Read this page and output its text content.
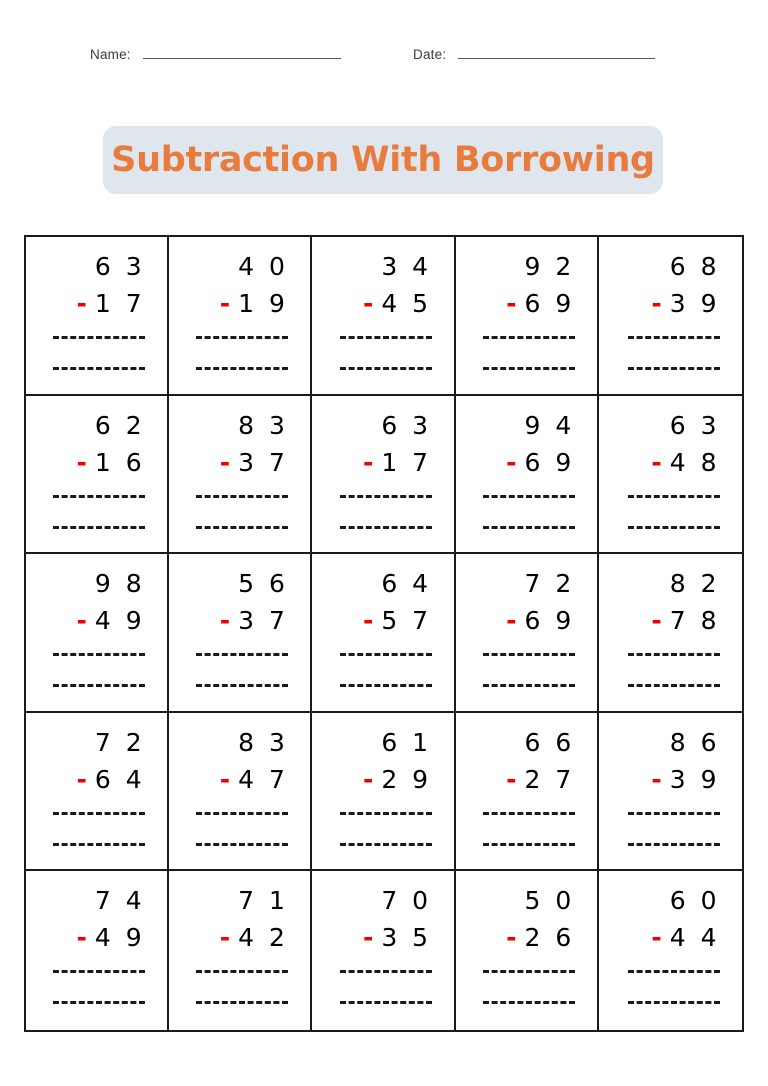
Name:	Date:
Subtraction With Borrowing
6 3
- 1 7
4 0
- 1 9
3 4
- 4 5
9 2
- 6 9
6 8
- 3 9
6 2
- 1 6
8 3
- 3 7
6 3
- 1 7
9 4
- 6 9
6 3
- 4 8
9 8
- 4 9
5 6
- 3 7
6 4
- 5 7
7 2
- 6 9
8 2
- 7 8
7 2
- 6 4
8 3
- 4 7
6 1
- 2 9
6 6
- 2 7
8 6
- 3 9
7 4
- 4 9
7 1
- 4 2
7 0
- 3 5
5 0
- 2 6
6 0
- 4 4
